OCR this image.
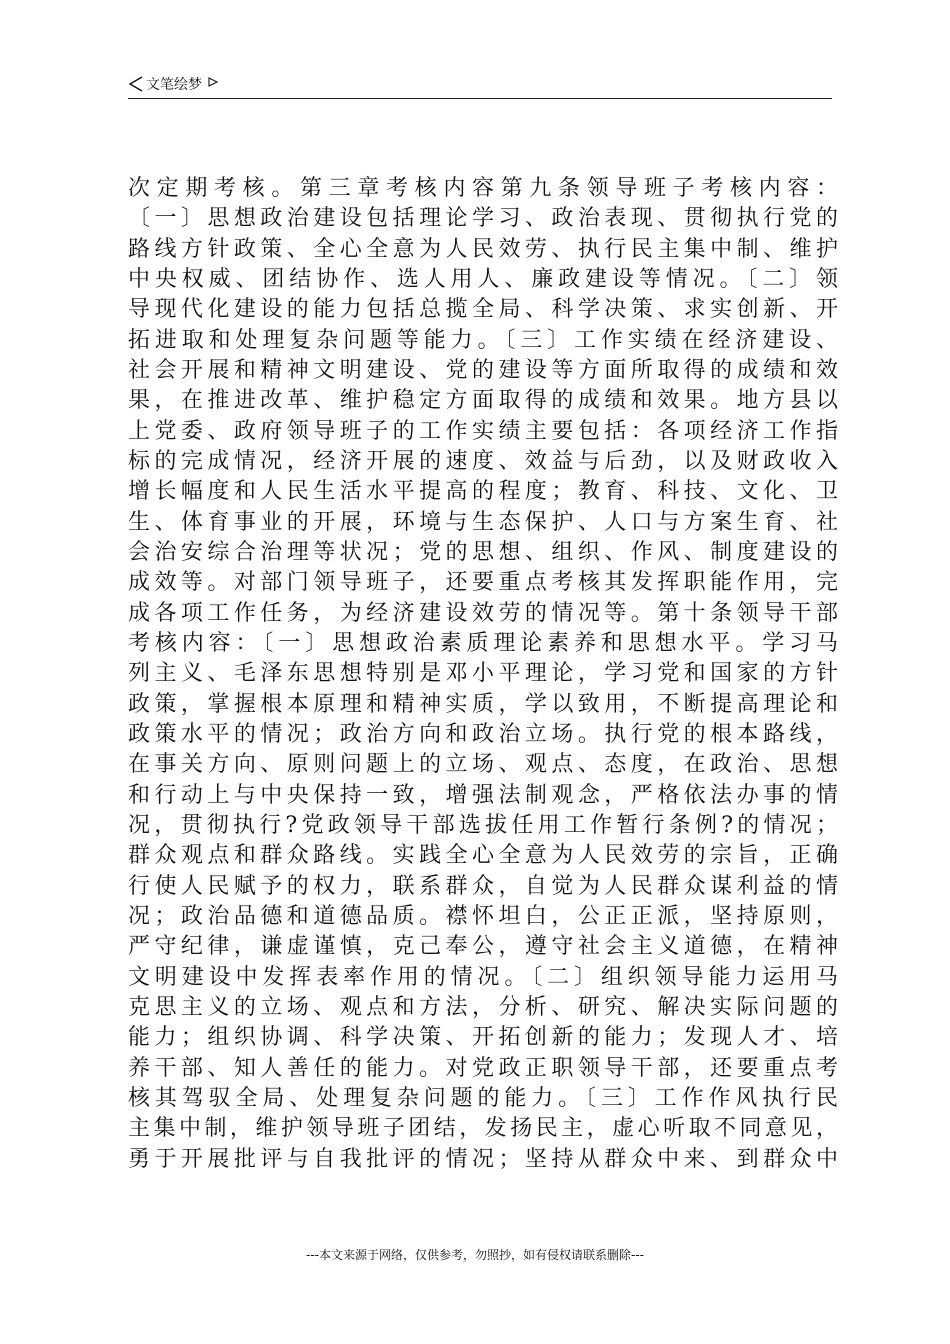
文笔绘梦
次定期考核。第三章考核内容第九条领导班子考核内容：
〔一〕思想政治建设包括理论学习、政治表现、贯彻执行党的
路线方针政策、全心全意为人民效劳、执行民主集中制、维护
中央权威、团结协作、选人用人、廉政建设等情况。〔二〕领
导现代化建设的能力包括总揽全局、科学决策、求实创新、开
拓进取和处理复杂问题等能力。〔三〕工作实绩在经济建设、
社会开展和精神文明建设、党的建设等方面所取得的成绩和效
果，在推进改革、维护稳定方面取得的成绩和效果。地方县以
上党委、政府领导班子的工作实绩主要包括：各项经济工作指
标的完成情况，经济开展的速度、效益与后劲，以及财政收入
增长幅度和人民生活水平提高的程度；教育、科技、文化、卫
生、体育事业的开展，环境与生态保护、人口与方案生育、社
会治安综合治理等状况；党的思想、组织、作风、制度建设的
成效等。对部门领导班子，还要重点考核其发挥职能作用，完
成各项工作任务，为经济建设效劳的情况等。第十条领导干部
考核内容：〔一〕思想政治素质理论素养和思想水平。学习马
列主义、毛泽东思想特别是邓小平理论，学习党和国家的方针
政策，掌握根本原理和精神实质，学以致用，不断提高理论和
政策水平的情况；政治方向和政治立场。执行党的根本路线，
在事关方向、原则问题上的立场、观点、态度，在政治、思想
和行动上与中央保持一致，增强法制观念，严格依法办事的情
况，贯彻执行?党政领导干部选拔任用工作暂行条例?的情况；
群众观点和群众路线。实践全心全意为人民效劳的宗旨，正确
行使人民赋予的权力，联系群众，自觉为人民群众谋利益的情
况；政治品德和道德品质。襟怀坦白，公正正派，坚持原则，
严守纪律，谦虚谨慎，克己奉公，遵守社会主义道德，在精神
文明建设中发挥表率作用的情况。〔二〕组织领导能力运用马
克思主义的立场、观点和方法，分析、研究、解决实际问题的
能力；组织协调、科学决策、开拓创新的能力；发现人才、培
养干部、知人善任的能力。对党政正职领导干部，还要重点考
核其驾驭全局、处理复杂问题的能力。〔三〕工作作风执行民
主集中制，维护领导班子团结，发扬民主，虚心听取不同意见，
勇于开展批评与自我批评的情况；坚持从群众中来、到群众中
---本文来源于网络，仅供参考，勿照抄，如有侵权请联系删除---
